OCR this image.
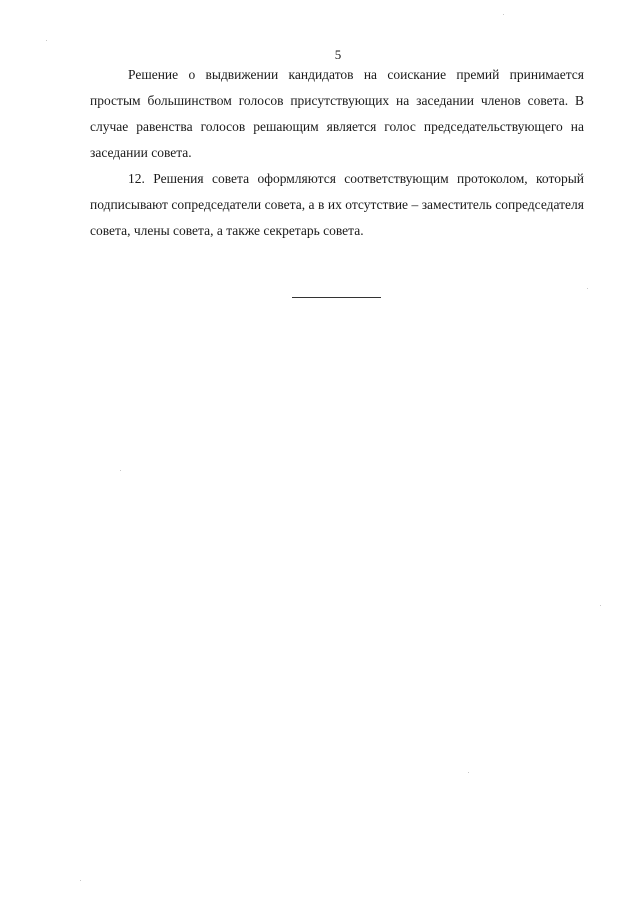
5

Решение о выдвижении кандидатов на соискание премий принимается простым большинством голосов присутствующих на заседании членов совета. В случае равенства голосов решающим является голос председательствующего на заседании совета.

12. Решения совета оформляются соответствующим протоколом, который подписывают сопредседатели совета, а в их отсутствие – заместитель сопредседателя совета, члены совета, а также секретарь совета.
